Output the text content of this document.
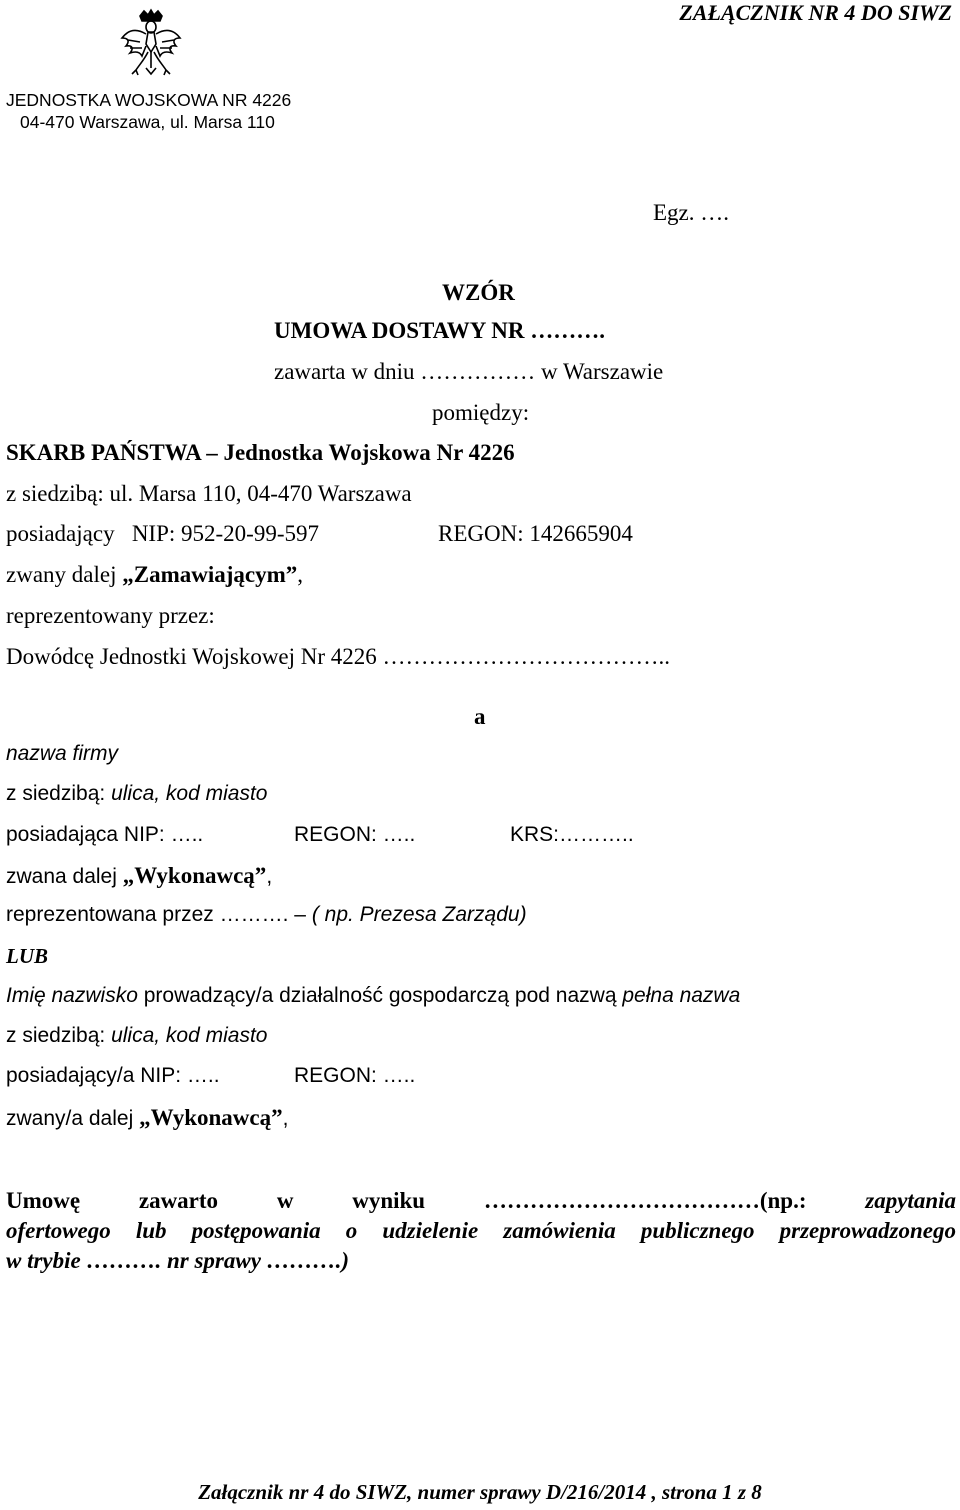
ZAŁĄCZNIK NR 4 DO SIWZ
JEDNOSTKA WOJSKOWA NR 4226
04-470 Warszawa, ul. Marsa 110
Egz. ….
WZÓR
UMOWA DOSTAWY NR ……….
zawarta w dniu …………… w Warszawie
pomiędzy:
SKARB PAŃSTWA – Jednostka Wojskowa Nr 4226
z siedzibą: ul. Marsa 110, 04-470 Warszawa
posiadający   NIP: 952-20-99-597	REGON: 142665904
zwany dalej „Zamawiającym”,
reprezentowany przez:
Dowódcę Jednostki Wojskowej Nr 4226 ………………………………..
a
nazwa firmy
z siedzibą: ulica, kod miasto
posiadająca NIP: …..	REGON: …..	KRS:………..
zwana dalej „Wykonawcą”,
reprezentowana przez ………. – ( np. Prezesa Zarządu)
LUB
Imię nazwisko prowadzący/a działalność gospodarczą pod nazwą pełna nazwa
z siedzibą: ulica, kod miasto
posiadający/a NIP: …..	REGON: …..
zwany/a dalej „Wykonawcą”,
Umowę	zawarto	w	wyniku	………………………………(np.:	zapytania
ofertowego lub postępowania o udzielenie zamówienia publicznego przeprowadzonego
w trybie ………. nr sprawy ……….)
Załącznik nr 4 do SIWZ, numer sprawy D/216/2014 , strona 1 z 8
